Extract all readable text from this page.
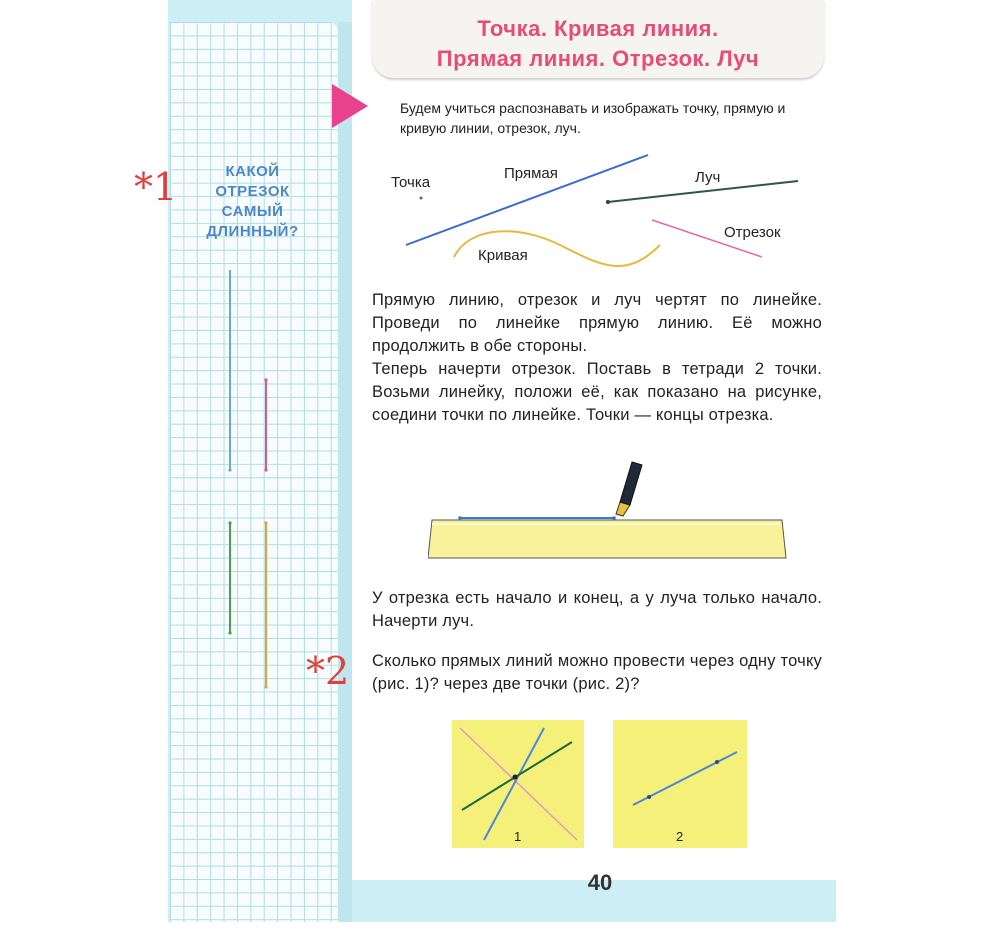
Точка. Кривая линия.
Прямая линия. Отрезок. Луч
Будем учиться распознавать и изображать точку, прямую и кривую линии, отрезок, луч.
Точка
Прямая	Луч
Отрезок
Кривая
КАКОЙ
ОТРЕЗОК
САМЫЙ
ДЛИННЫЙ?
*1
*2
Прямую линию, отрезок и луч чертят по линейке. Проведи по линейке прямую линию. Её можно продолжить в обе стороны.
Теперь начерти отрезок. Поставь в тетради 2 точки. Возьми линейку, положи её, как показано на рисунке, соедини точки по линейке. Точки — концы отрезка.
У отрезка есть начало и конец, а у луча только начало. Начерти луч.
Сколько прямых линий можно провести через одну точку (рис. 1)? через две точки (рис. 2)?
1	2
40
